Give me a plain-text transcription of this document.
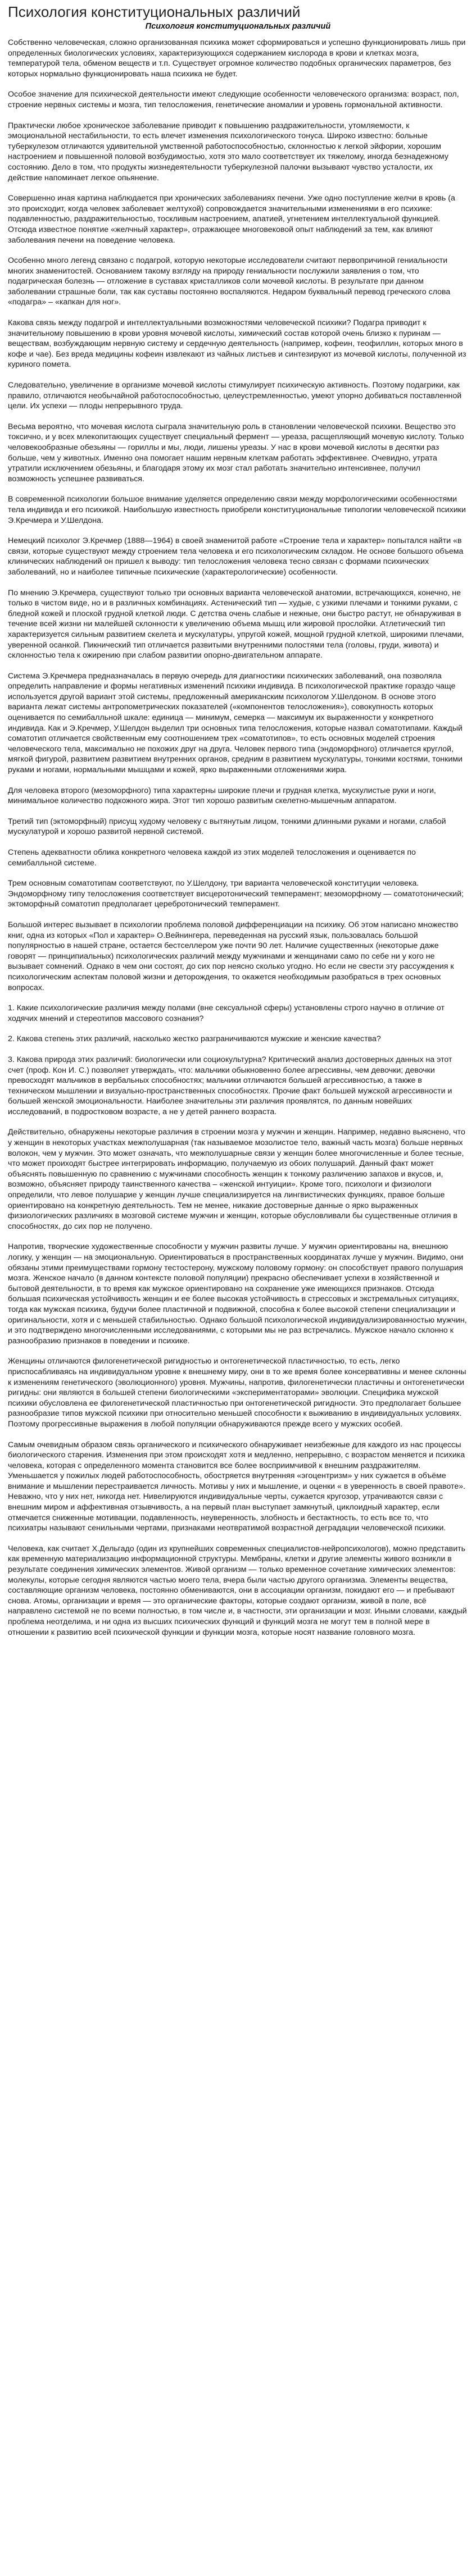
Психология конституциональных различий
Психология конституциональных различий

Собственно человеческая, сложно организованная психика может сформироваться и успешно функционировать лишь при определенных биологических условиях, характеризующихся содержанием кислорода в крови и клетках мозга, температурой тела, обменом веществ и т.п. Существует огромное количество подобных органических параметров, без которых нормально функционировать наша психика не будет.

Особое значение для психической деятельности имеют следующие особенности человеческого организма: возраст, пол, строение нервных системы и мозга, тип телосложения, генетические аномалии и уровень гормональной активности.

Практически любое хроническое заболевание приводит к повышению раздражительности, утомляемости, к эмоциональной нестабильности, то есть влечет изменения психологического тонуса. Широко известно: больные туберкулезом отличаются удивительной умственной работоспособностью, склонностью к легкой эйфории, хорошим настроением и повышенной половой возбудимостью, хотя это мало соответствует их тяжелому, иногда безнадежному состоянию. Дело в том, что продукты жизнедеятельности туберкулезной палочки вызывают чувство усталости, их действие напоминает легкое опьянение.

Совершенно иная картина наблюдается при хронических заболеваниях печени. Уже одно поступление желчи в кровь (а это происходит, когда человек заболевает желтухой) сопровождается значительными изменениями в его психике: подавленностью, раздражительностью, тоскливым настроением, апатией, угнетением интеллектуальной функцией. Отсюда известное понятие «желчный характер», отражающее многовековой опыт наблюдений за тем, как влияют заболевания печени на поведение человека.

Особенно много легенд связано с подагрой, которую некоторые исследователи считают первопричиной гениальности многих знаменитостей. Основанием такому взгляду на природу гениальности послужили заявления о том, что подагрическая болезнь — отложение в суставах кристалликов соли мочевой кислоты. В результате при данном заболевании страшные боли, так как суставы постоянно воспаляются. Недаром буквальный перевод греческого слова «подагра» – «капкан для ног».

Какова связь между подагрой и интеллектуальными возможностями человеческой психики? Подагра приводит к значительному повышению в крови уровня мочевой кислоты, химический состав которой очень близко к пуринам — веществам, возбуждающим нервную систему и сердечную деятельность (например, кофеин, теофиллин, которых много в кофе и чае). Без вреда медицины кофеин извлекают из чайных листьев и синтезируют из мочевой кислоты, полученной из куриного помета.

Следовательно, увеличение в организме мочевой кислоты стимулирует психическую активность. Поэтому подагрики, как правило, отличаются необычайной работоспособностью, целеустремленностью, умеют упорно добиваться поставленной цели. Их успехи — плоды непрерывного труда.

Весьма вероятно, что мочевая кислота сыграла значительную роль в становлении человеческой психики. Вещество это токсично, и у всех млекопитающих существует специальный фермент — уреаза, расщепляющий мочевую кислоту. Только человекообразные обезьяны — гориллы и мы, люди, лишены уреазы. У нас в крови мочевой кислоты в десятки раз больше, чем у животных. Именно она помогает нашим нервным клеткам работать эффективнее. Очевидно, утрата утратили исключением обезьяны, и благодаря этому их мозг стал работать значительно интенсивнее, получил возможность успешнее развиваться.

В современной психологии большое внимание уделяется определению связи между морфологическими особенностями тела индивида и его психикой. Наибольшую известность приобрели конституциональные типологии человеческой психики Э.Кречмера и У.Шелдона.

Немецкий психолог Э.Кречмер (1888—1964) в своей знаменитой работе «Строение тела и характер» попытался найти «в связи, которые существуют между строением тела человека и его психологическим складом. Не основе большого объема клинических наблюдений он пришел к выводу: тип телосложения человека тесно связан с формами психических заболеваний, но и наиболее типичные психические (характерологические) особенности.

По мнению Э.Кречмера, существуют только три основных варианта человеческой анатомии, встречающихся, конечно, не только в чистом виде, но и в различных комбинациях. Астенический тип — худые, с узкими плечами и тонкими руками, с бледной кожей и плоской грудной клеткой люди. С детства очень слабые и нежные, они быстро растут, не обнаруживая в течение всей жизни ни малейшей склонности к увеличению объема мышц или жировой прослойки. Атлетический тип характеризуется сильным развитием скелета и мускулатуры, упругой кожей, мощной грудной клеткой, широкими плечами, уверенной осанкой. Пикнический тип отличается развитыми внутренними полостями тела (головы, груди, живота) и склонностью тела к ожирению при слабом развитии опорно-двигательном аппарате.

Система Э.Кречмера предназначалась в первую очередь для диагностики психических заболеваний, она позволяла определить направление и формы негативных изменений психики индивида. В психологической практике гораздо чаще используется другой вариант этой системы, предложенный американским психологом У.Шелдоном. В основе этого варианта лежат системы антропометрических показателей («компонентов телосложения»), совокупность которых оценивается по семибалльной шкале: единица — минимум, семерка — максимум их выраженности у конкретного индивида. Как и Э.Кречмер, У.Шелдон выделил три основных типа телосложения, которые назвал соматотипами. Каждый соматотип отличается свойственным ему соотношением трех «соматотипов», то есть основных моделей строения человеческого тела, максимально не похожих друг на друга. Человек первого типа (эндоморфного) отличается круглой, мягкой фигурой, развитием развитием внутренних органов, средним в развитием мускулатуры, тонкими костями, тонкими руками и ногами, нормальными мышцами и кожей, ярко выраженными отложениями жира.

Для человека второго (мезоморфного) типа характерны широкие плечи и грудная клетка, мускулистые руки и ноги, минимальное количество подкожного жира. Этот тип хорошо развитым скелетно-мышечным аппаратом.

Третий тип (эктоморфный) присущ худому человеку с вытянутым лицом, тонкими длинными руками и ногами, слабой мускулатурой и хорошо развитой нервной системой.

Степень адекватности облика конкретного человека каждой из этих моделей телосложения и оценивается по семибалльной системе.

Трем основным соматотипам соответствуют, по У.Шелдону, три варианта человеческой конституции человека. Эндоморфному типу телосложения соответствует висцеротонический темперамент; мезоморфному — соматотонический; эктоморфный соматотип предполагает церебротонический темперамент.

Большой интерес вызывает в психологии проблема половой дифференциации на психику. Об этом написано множество книг, одна из которых «Пол и характер» О.Вейнингера, переведенная на русский язык, пользовалась большой популярностью в нашей стране, остается бестселлером уже почти 90 лет. Наличие существенных (некоторые даже говорят — принципиальных) психологических различий между мужчинами и женщинами само по себе ни у кого не вызывает сомнений. Однако в чем они состоят, до сих пор неясно сколько угодно. Но если не свести эту рассуждения к психологическим аспектам половой жизни и деторождения, то окажется необходимым разобраться в трех основных вопросах.

1. Какие психологические различия между полами (вне сексуальной сферы) установлены строго научно в отличие от ходячих мнений и стереотипов массового сознания?

2. Какова степень этих различий, насколько жестко разграничиваются мужские и женские качества?

3. Какова природа этих различий: биологически или социокультурна? Критический анализ достоверных данных на этот счет (проф. Кон И. С.) позволяет утверждать, что: мальчики обыкновенно более агрессивны, чем девочки; девочки превосходят мальчиков в вербальных способностях; мальчики отличаются большей агрессивностью, а также в техническом мышлении и визуально-пространственных способностях. Прочие факт большей мужской агрессивности и большей женской эмоциональности. Наиболее значительны эти различия проявлятся, по данным новейших исследований, в подростковом возрасте, а не у детей раннего возраста.

Действительно, обнаружены некоторые различия в строении мозга у мужчин и женщин. Например, недавно выяснено, что у женщин в некоторых участках межполушарная (так называемое мозолистое тело, важный часть мозга) больше нервных волокон, чем у мужчин. Это может означать, что межполушарные связи у женщин более многочисленные и более тесные, что может проиходят быстрее интегрировать информацию, получаемую из обоих полушарий. Данный факт может объяснять повышенную по сравнению с мужчинами способность женщин к тонкому различению запахов и вкусов, и, возможно, объясняет природу таинственного качества – «женской интуиции». Кроме того, психологи и физиологи определили, что левое полушарие у женщин лучше специализируется на лингвистических функциях, правое больше ориентировано на конкретную деятельность. Тем не менее, никакие достоверные данные о ярко выраженных физиологических различиях в мозговой системе мужчин и женщин, которые обусловливали бы существенные отличия в способностях, до сих пор не получено.

Напротив, творческие художественные способности у мужчин развиты лучше. У мужчин ориентированы на, внешнюю логику, у женщин — на эмоциональную. Ориентироваться в пространственных координатах лучше у мужчин. Видимо, они обязаны этими преимуществами гормону тестостерону, мужскому половому гормону: он способствует правого полушария мозга. Женское начало (в данном контексте половой популяции) прекрасно обеспечивает успехи в хозяйственной и бытовой деятельности, в то время как мужское ориентировано на сохранение уже имеющихся признаков. Отсюда большая психическая устойчивость женщин и ее более высокая устойчивость в стрессовых и экстремальных ситуациях, тогда как мужская психика, будучи более пластичной и подвижной, способна к более высокой степени специализации и оригинальности, хотя и с меньшей стабильностью. Однако большой психологической индивидуализированностью мужчин, и это подтверждено многочисленными исследованиями, с которыми мы не раз встречались. Мужское начало склонно к разнообразию признаков в поведении и психике.

Женщины отличаются филогенетической ригидностью и онтогенетической пластичностью, то есть, легко приспосабливаясь на индивидуальном уровне к внешнему миру, они в то же время более консервативны и менее склонны к изменениям генетического (эволюционного) уровня. Мужчины, напротив, филогенетически пластичны и онтогенетически ригидны: они являются в большей степени биологическими «экспериментаторами» эволюции. Специфика мужской психики обусловлена ее филогенетической пластичностью при онтогенетической ригидности. Это предполагает большее разнообразие типов мужской психики при относительно меньшей способности к выживанию в индивидуальных условиях. Поэтому прогрессивные выражения в любой популяции обнаруживаются прежде всего у мужских особей.

Самым очевидным образом связь органического и психического обнаруживает неизбежные для каждого из нас процессы биологического старения. Изменения при этом происходят хотя и медленно, непрерывно, с возрастом меняется и психика человека, которая с определенного момента становится все более восприимчивой к внешним раздражителям. Уменьшается у пожилых людей работоспособность, обостряется внутренняя «эгоцентризм» у них сужается в объёме внимание и мышлении перестраивается личность. Мотивы у них и мышление, и оценки « в уверенность в своей правоте». Неважно, что у них нет, никогда нет. Нивелируются индивидуальные черты, сужается кругозор, утрачиваются связи с внешним миром и аффективная отзывчивость, а на первый план выступает замкнутый, циклоидный характер, если отмечается сниженные мотивации, подавленность, неуверенность, злобность и бестактность, то есть все то, что психиатры называют сенильными чертами, признаками неотвратимой возрастной деградации человеческой психики.

Человека, как считает Х.Дельгадо (один из крупнейших современных специалистов-нейропсихологов), можно представить как временную материализацию информационной структуры. Мембраны, клетки и другие элементы живого возникли в результате соединения химических элементов. Живой организм — только временное сочетание химических элементов: молекулы, которые сегодня являются частью моего тела, вчера были частью другого организма. Элементы вещества, составляющие организм человека, постоянно обмениваются, они в ассоциации организм, покидают его — и пребывают снова. Атомы, организации и время — это органические факторы, которые создают организм, живой в поле, всё направлено системой не по всеми полностью, в том числе и, в частности, эти организации и мозг. Иными словами, каждый проблема неотделима, и ни одна из высших психических функций и функций мозга не могут тем в полной мере в отношении к развитию всей психической функции и функции мозга, которые носят название головного мозга.
